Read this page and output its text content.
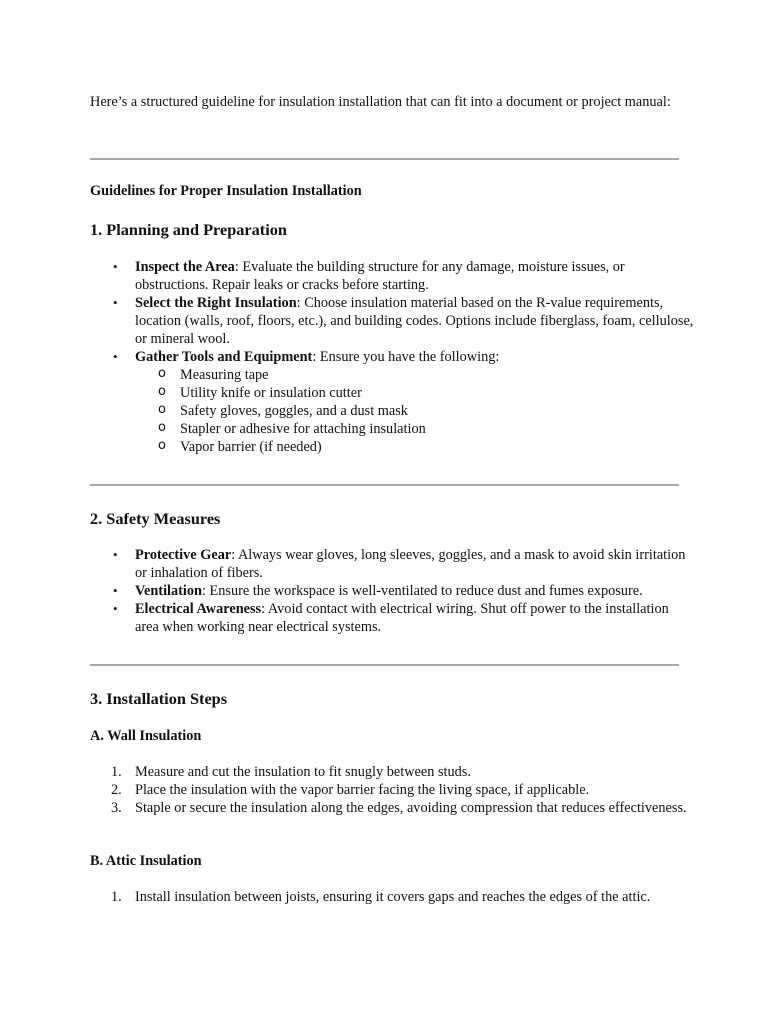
Here’s a structured guideline for insulation installation that can fit into a document or project manual:
Guidelines for Proper Insulation Installation
1. Planning and Preparation
• Inspect the Area: Evaluate the building structure for any damage, moisture issues, or obstructions. Repair leaks or cracks before starting.
• Select the Right Insulation: Choose insulation material based on the R-value requirements, location (walls, roof, floors, etc.), and building codes. Options include fiberglass, foam, cellulose, or mineral wool.
• Gather Tools and Equipment: Ensure you have the following:
o Measuring tape
o Utility knife or insulation cutter
o Safety gloves, goggles, and a dust mask
o Stapler or adhesive for attaching insulation
o Vapor barrier (if needed)
2. Safety Measures
• Protective Gear: Always wear gloves, long sleeves, goggles, and a mask to avoid skin irritation or inhalation of fibers.
• Ventilation: Ensure the workspace is well-ventilated to reduce dust and fumes exposure.
• Electrical Awareness: Avoid contact with electrical wiring. Shut off power to the installation area when working near electrical systems.
3. Installation Steps
A. Wall Insulation
1. Measure and cut the insulation to fit snugly between studs.
2. Place the insulation with the vapor barrier facing the living space, if applicable.
3. Staple or secure the insulation along the edges, avoiding compression that reduces effectiveness.
B. Attic Insulation
1. Install insulation between joists, ensuring it covers gaps and reaches the edges of the attic.
